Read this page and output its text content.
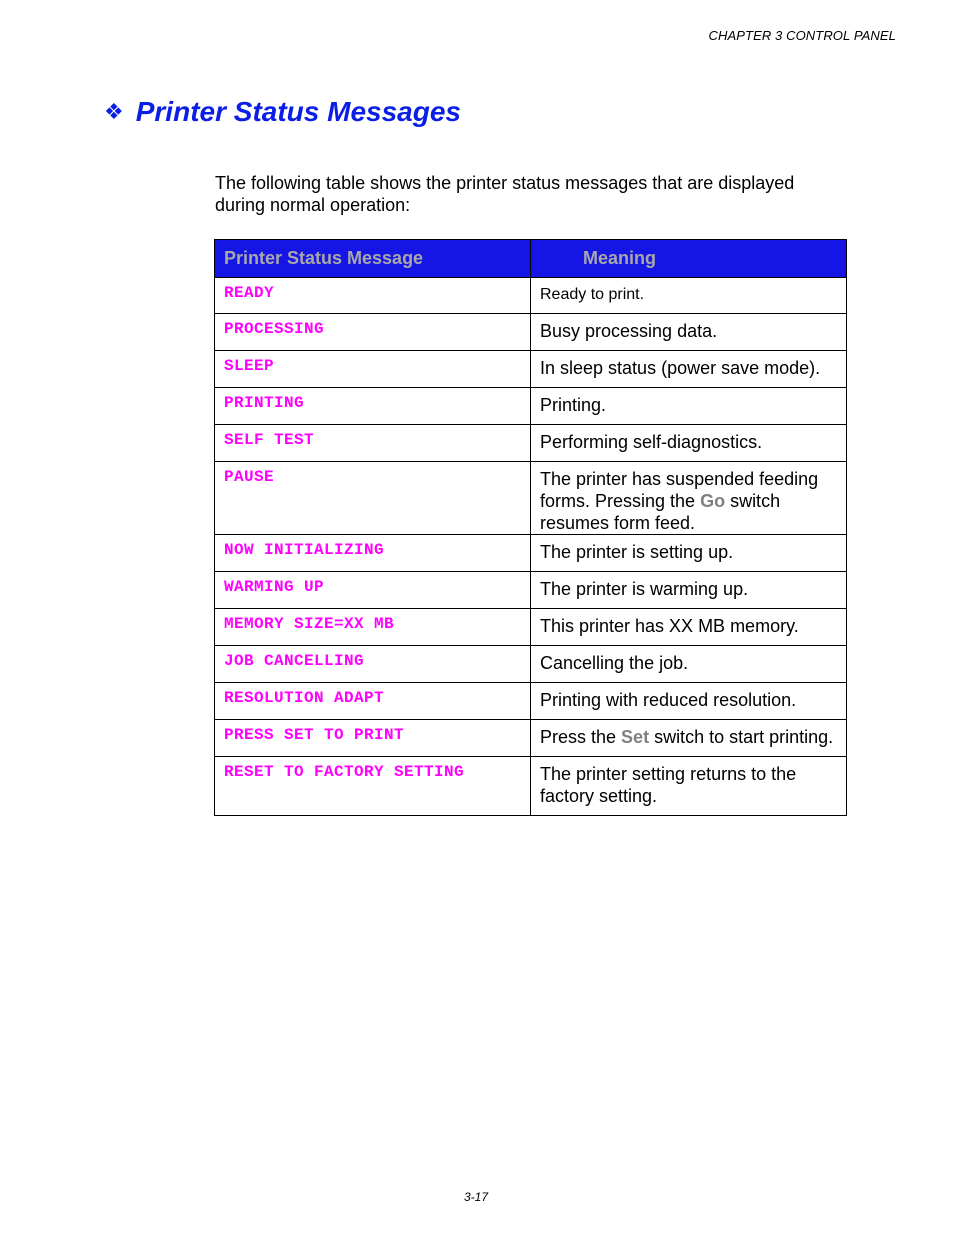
CHAPTER 3 CONTROL PANEL
❖ Printer Status Messages
The following table shows the printer status messages that are displayed during normal operation:
Printer Status Message	Meaning
READY	Ready to print.
PROCESSING	Busy processing data.
SLEEP	In sleep status (power save mode).
PRINTING	Printing.
SELF TEST	Performing self-diagnostics.
PAUSE	The printer has suspended feeding forms. Pressing the Go switch resumes form feed.
NOW INITIALIZING	The printer is setting up.
WARMING UP	The printer is warming up.
MEMORY SIZE=XX MB	This printer has XX MB memory.
JOB CANCELLING	Cancelling the job.
RESOLUTION ADAPT	Printing with reduced resolution.
PRESS SET TO PRINT	Press the Set switch to start printing.
RESET TO FACTORY SETTING	The printer setting returns to the factory setting.
3-17
